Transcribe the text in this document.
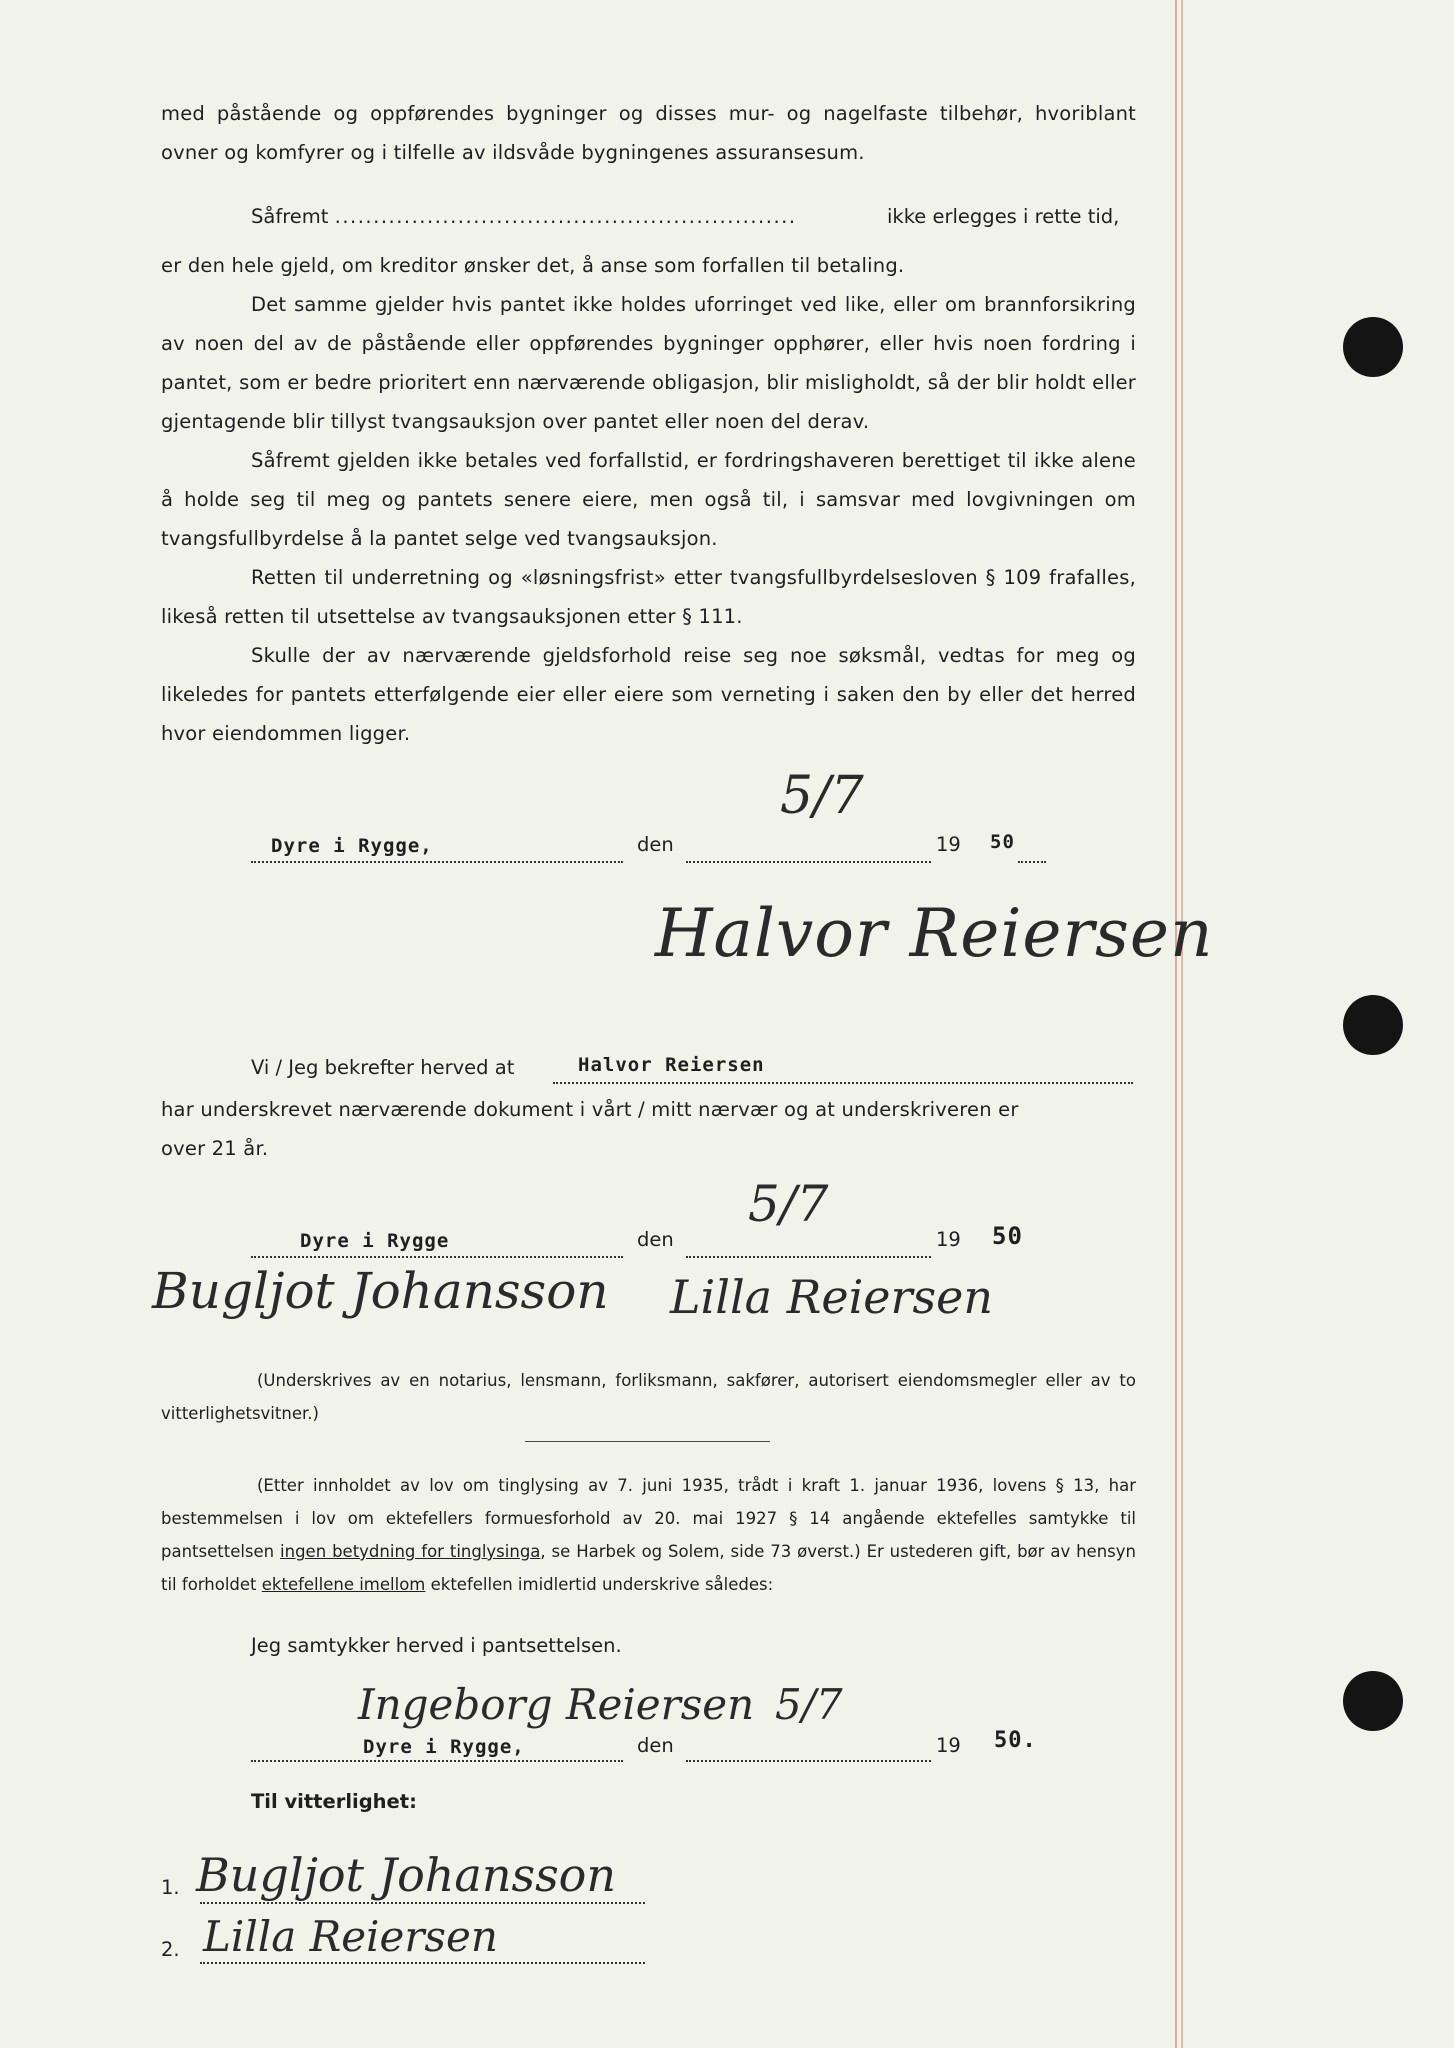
med påstående og oppførendes bygninger og disses mur- og nagelfaste tilbehør, hvoriblant ovner og komfyrer og i tilfelle av ildsvåde bygningenes assuransesum.

Såfremt ............................................................	ikke erlegges i rette tid,

er den hele gjeld, om kreditor ønsker det, å anse som forfallen til betaling.

Det samme gjelder hvis pantet ikke holdes uforringet ved like, eller om brannforsikring av noen del av de påstående eller oppførendes bygninger opphører, eller hvis noen fordring i pantet, som er bedre prioritert enn nærværende obligasjon, blir misligholdt, så der blir holdt eller gjentagende blir tillyst tvangsauksjon over pantet eller noen del derav.

Såfremt gjelden ikke betales ved forfallstid, er fordringshaveren berettiget til ikke alene å holde seg til meg og pantets senere eiere, men også til, i samsvar med lovgivningen om tvangsfullbyrdelse å la pantet selge ved tvangsauksjon.

Retten til underretning og «løsningsfrist» etter tvangsfullbyrdelsesloven § 109 frafalles, likeså retten til utsettelse av tvangsauksjonen etter § 111.

Skulle der av nærværende gjeldsforhold reise seg noe søksmål, vedtas for meg og likeledes for pantets etterfølgende eier eller eiere som verneting i saken den by eller det herred hvor eiendommen ligger.

Dyre i Rygge,	den
5/7
19 50
Halvor Reiersen
Vi / Jeg bekrefter herved at	Halvor Reiersen

har underskrevet nærværende dokument i vårt / mitt nærvær og at underskriveren er

over 21 år.

Dyre i Rygge	den
5/7
19 50
Bugljot Johansson Lilla Reiersen

(Underskrives av en notarius, lensmann, forliksmann, sakfører, autorisert eiendomsmegler eller av to vitterlighetsvitner.)

(Etter innholdet av lov om tinglysing av 7. juni 1935, trådt i kraft 1. januar 1936, lovens § 13, har bestemmelsen i lov om ektefellers formuesforhold av 20. mai 1927 § 14 angående ektefelles samtykke til pantsettelsen ingen betydning for tinglysinga, se Harbek og Solem, side 73 øverst.) Er ustederen gift, bør av hensyn til forholdet ektefellene imellom ektefellen imidlertid underskrive således:

Jeg samtykker herved i pantsettelsen.
Ingeborg Reiersen 5/7
Dyre i Rygge,	den	19 50.
Til vitterlighet:
1. Bugljot Johansson
2. Lilla Reiersen
